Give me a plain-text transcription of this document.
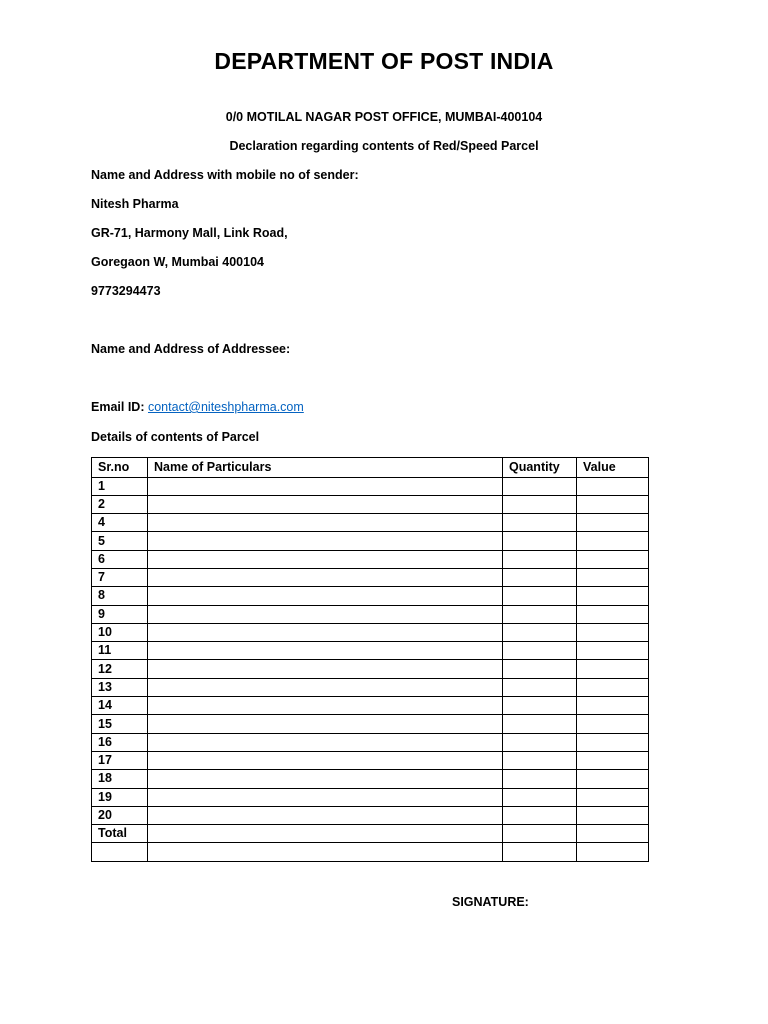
DEPARTMENT OF POST INDIA
0/0 MOTILAL NAGAR POST OFFICE, MUMBAI-400104
Declaration regarding contents of Red/Speed Parcel
Name and Address with mobile no of sender:
Nitesh Pharma
GR-71, Harmony Mall, Link Road,
Goregaon W, Mumbai 400104
9773294473
Name and Address of Addressee:
Email ID: contact@niteshpharma.com
Details of contents of Parcel
Sr.no	Name of Particulars	Quantity	Value
1			
2			
4			
5			
6			
7			
8			
9			
10			
11			
12			
13			
14			
15			
16			
17			
18			
19			
20			
Total			

SIGNATURE:
